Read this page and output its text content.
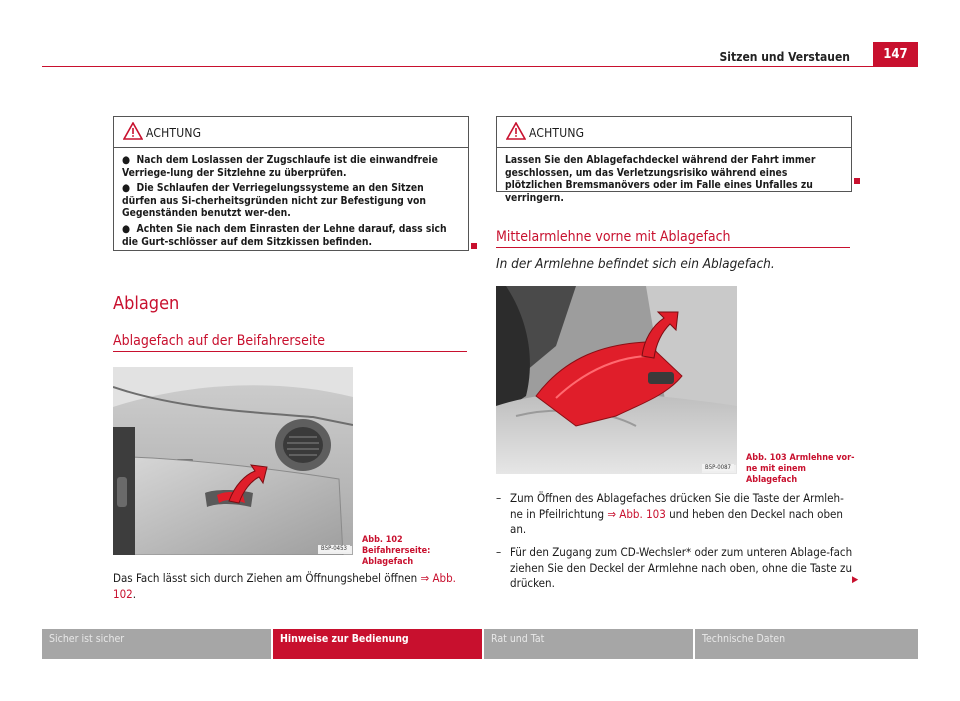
Sitzen und Verstauen	147
ACHTUNG

●  Nach dem Loslassen der Zugschlaufe ist die einwandfreie Verriege-lung der Sitzlehne zu überprüfen.

●  Die Schlaufen der Verriegelungssysteme an den Sitzen dürfen aus Si-cherheitsgründen nicht zur Befestigung von Gegenständen benutzt wer-den.

●  Achten Sie nach dem Einrasten der Lehne darauf, dass sich die Gurt-schlösser auf dem Sitzkissen befinden.

Ablagen
Ablagefach auf der Beifahrerseite
B5P-0453
Abb. 102 Beifahrerseite:
Ablagefach
Das Fach lässt sich durch Ziehen am Öffnungshebel öffnen ⇒ Abb. 102.
ACHTUNG

Lassen Sie den Ablagefachdeckel während der Fahrt immer geschlossen, um das Verletzungsrisiko während eines plötzlichen Bremsmanövers oder im Falle eines Unfalles zu verringern.

Mittelarmlehne vorne mit Ablagefach
In der Armlehne befindet sich ein Ablagefach.
B5P-0087
Abb. 103 Armlehne vor-
ne mit einem Ablagefach
– Zum Öffnen des Ablagefaches drücken Sie die Taste der Armleh-ne in Pfeilrichtung ⇒ Abb. 103 und heben den Deckel nach oben an.
– Für den Zugang zum CD-Wechsler* oder zum unteren Ablage-fach ziehen Sie den Deckel der Armlehne nach oben, ohne die Taste zu drücken.	▶
Sicher ist sicher	Hinweise zur Bedienung	Rat und Tat	Technische Daten
